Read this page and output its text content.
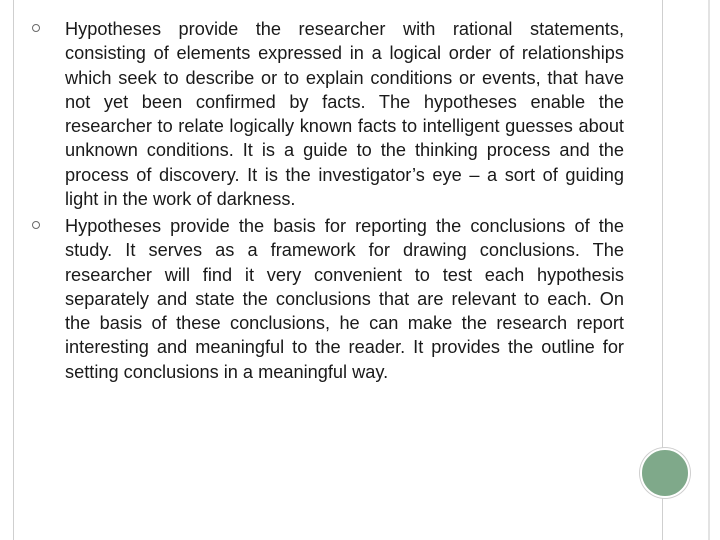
Hypotheses provide the researcher with rational statements, consisting of elements expressed in a logical order of relationships which seek to describe or to explain conditions or events, that have not yet been confirmed by facts. The hypotheses enable the researcher to relate logically known facts to intelligent guesses about unknown conditions. It is a guide to the thinking process and the process of discovery. It is the investigator’s eye – a sort of guiding light in the work of darkness.
Hypotheses provide the basis for reporting the conclusions of the study. It serves as a framework for drawing conclusions. The researcher will find it very convenient to test each hypothesis separately and state the conclusions that are relevant to each. On the basis of these conclusions, he can make the research report interesting and meaningful to the reader. It provides the outline for setting conclusions in a meaningful way.
